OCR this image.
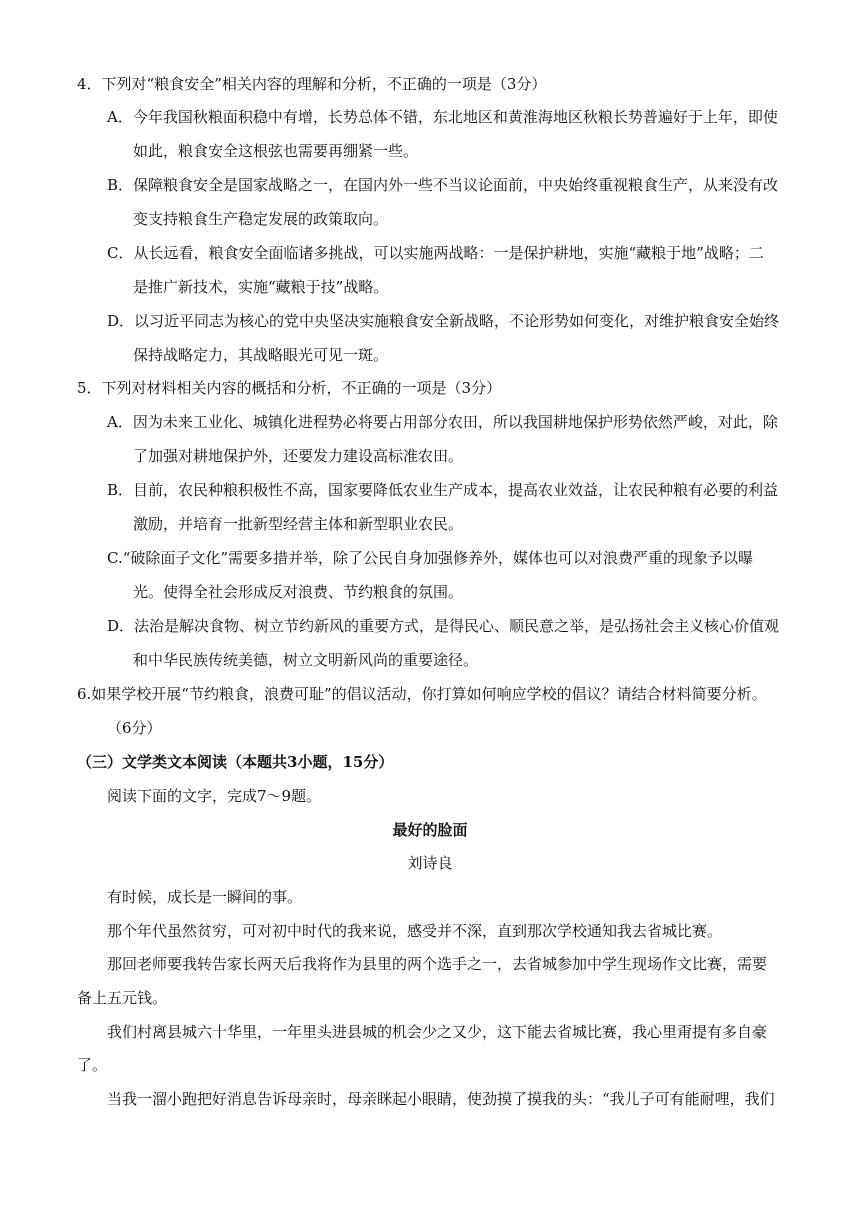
4．下列对“粮食安全”相关内容的理解和分析，不正确的一项是（3分）
A．今年我国秋粮面积稳中有增，长势总体不错，东北地区和黄淮海地区秋粮长势普遍好于上年，即使
如此，粮食安全这根弦也需要再绷紧一些。
B．保障粮食安全是国家战略之一，在国内外一些不当议论面前，中央始终重视粮食生产，从来没有改
变支持粮食生产稳定发展的政策取向。
C．从长远看，粮食安全面临诸多挑战，可以实施两战略：一是保护耕地，实施“藏粮于地”战略；二
是推广新技术，实施“藏粮于技”战略。
D．以习近平同志为核心的党中央坚决实施粮食安全新战略，不论形势如何变化，对维护粮食安全始终
保持战略定力，其战略眼光可见一斑。
5．下列对材料相关内容的概括和分析，不正确的一项是（3分）
A．因为未来工业化、城镇化进程势必将要占用部分农田，所以我国耕地保护形势依然严峻，对此，除
了加强对耕地保护外，还要发力建设高标准农田。
B．目前，农民种粮积极性不高，国家要降低农业生产成本，提高农业效益，让农民种粮有必要的利益
激励，并培育一批新型经营主体和新型职业农民。
C.“破除面子文化”需要多措并举，除了公民自身加强修养外，媒体也可以对浪费严重的现象予以曝
光。使得全社会形成反对浪费、节约粮食的氛围。
D．法治是解决食物、树立节约新风的重要方式，是得民心、顺民意之举，是弘扬社会主义核心价值观
和中华民族传统美德，树立文明新风尚的重要途径。
6.如果学校开展“节约粮食，浪费可耻”的倡议活动，你打算如何响应学校的倡议？请结合材料简要分析。
（6分）
（三）文学类文本阅读（本题共3小题，15分）
阅读下面的文字，完成7～9题。
最好的脸面
刘诗良
有时候，成长是一瞬间的事。
那个年代虽然贫穷，可对初中时代的我来说，感受并不深，直到那次学校通知我去省城比赛。
那回老师要我转告家长两天后我将作为县里的两个选手之一，去省城参加中学生现场作文比赛，需要
备上五元钱。
我们村离县城六十华里，一年里头进县城的机会少之又少，这下能去省城比赛，我心里甭提有多自豪
了。
当我一溜小跑把好消息告诉母亲时，母亲眯起小眼睛，使劲摸了摸我的头：“我儿子可有能耐哩，我们
